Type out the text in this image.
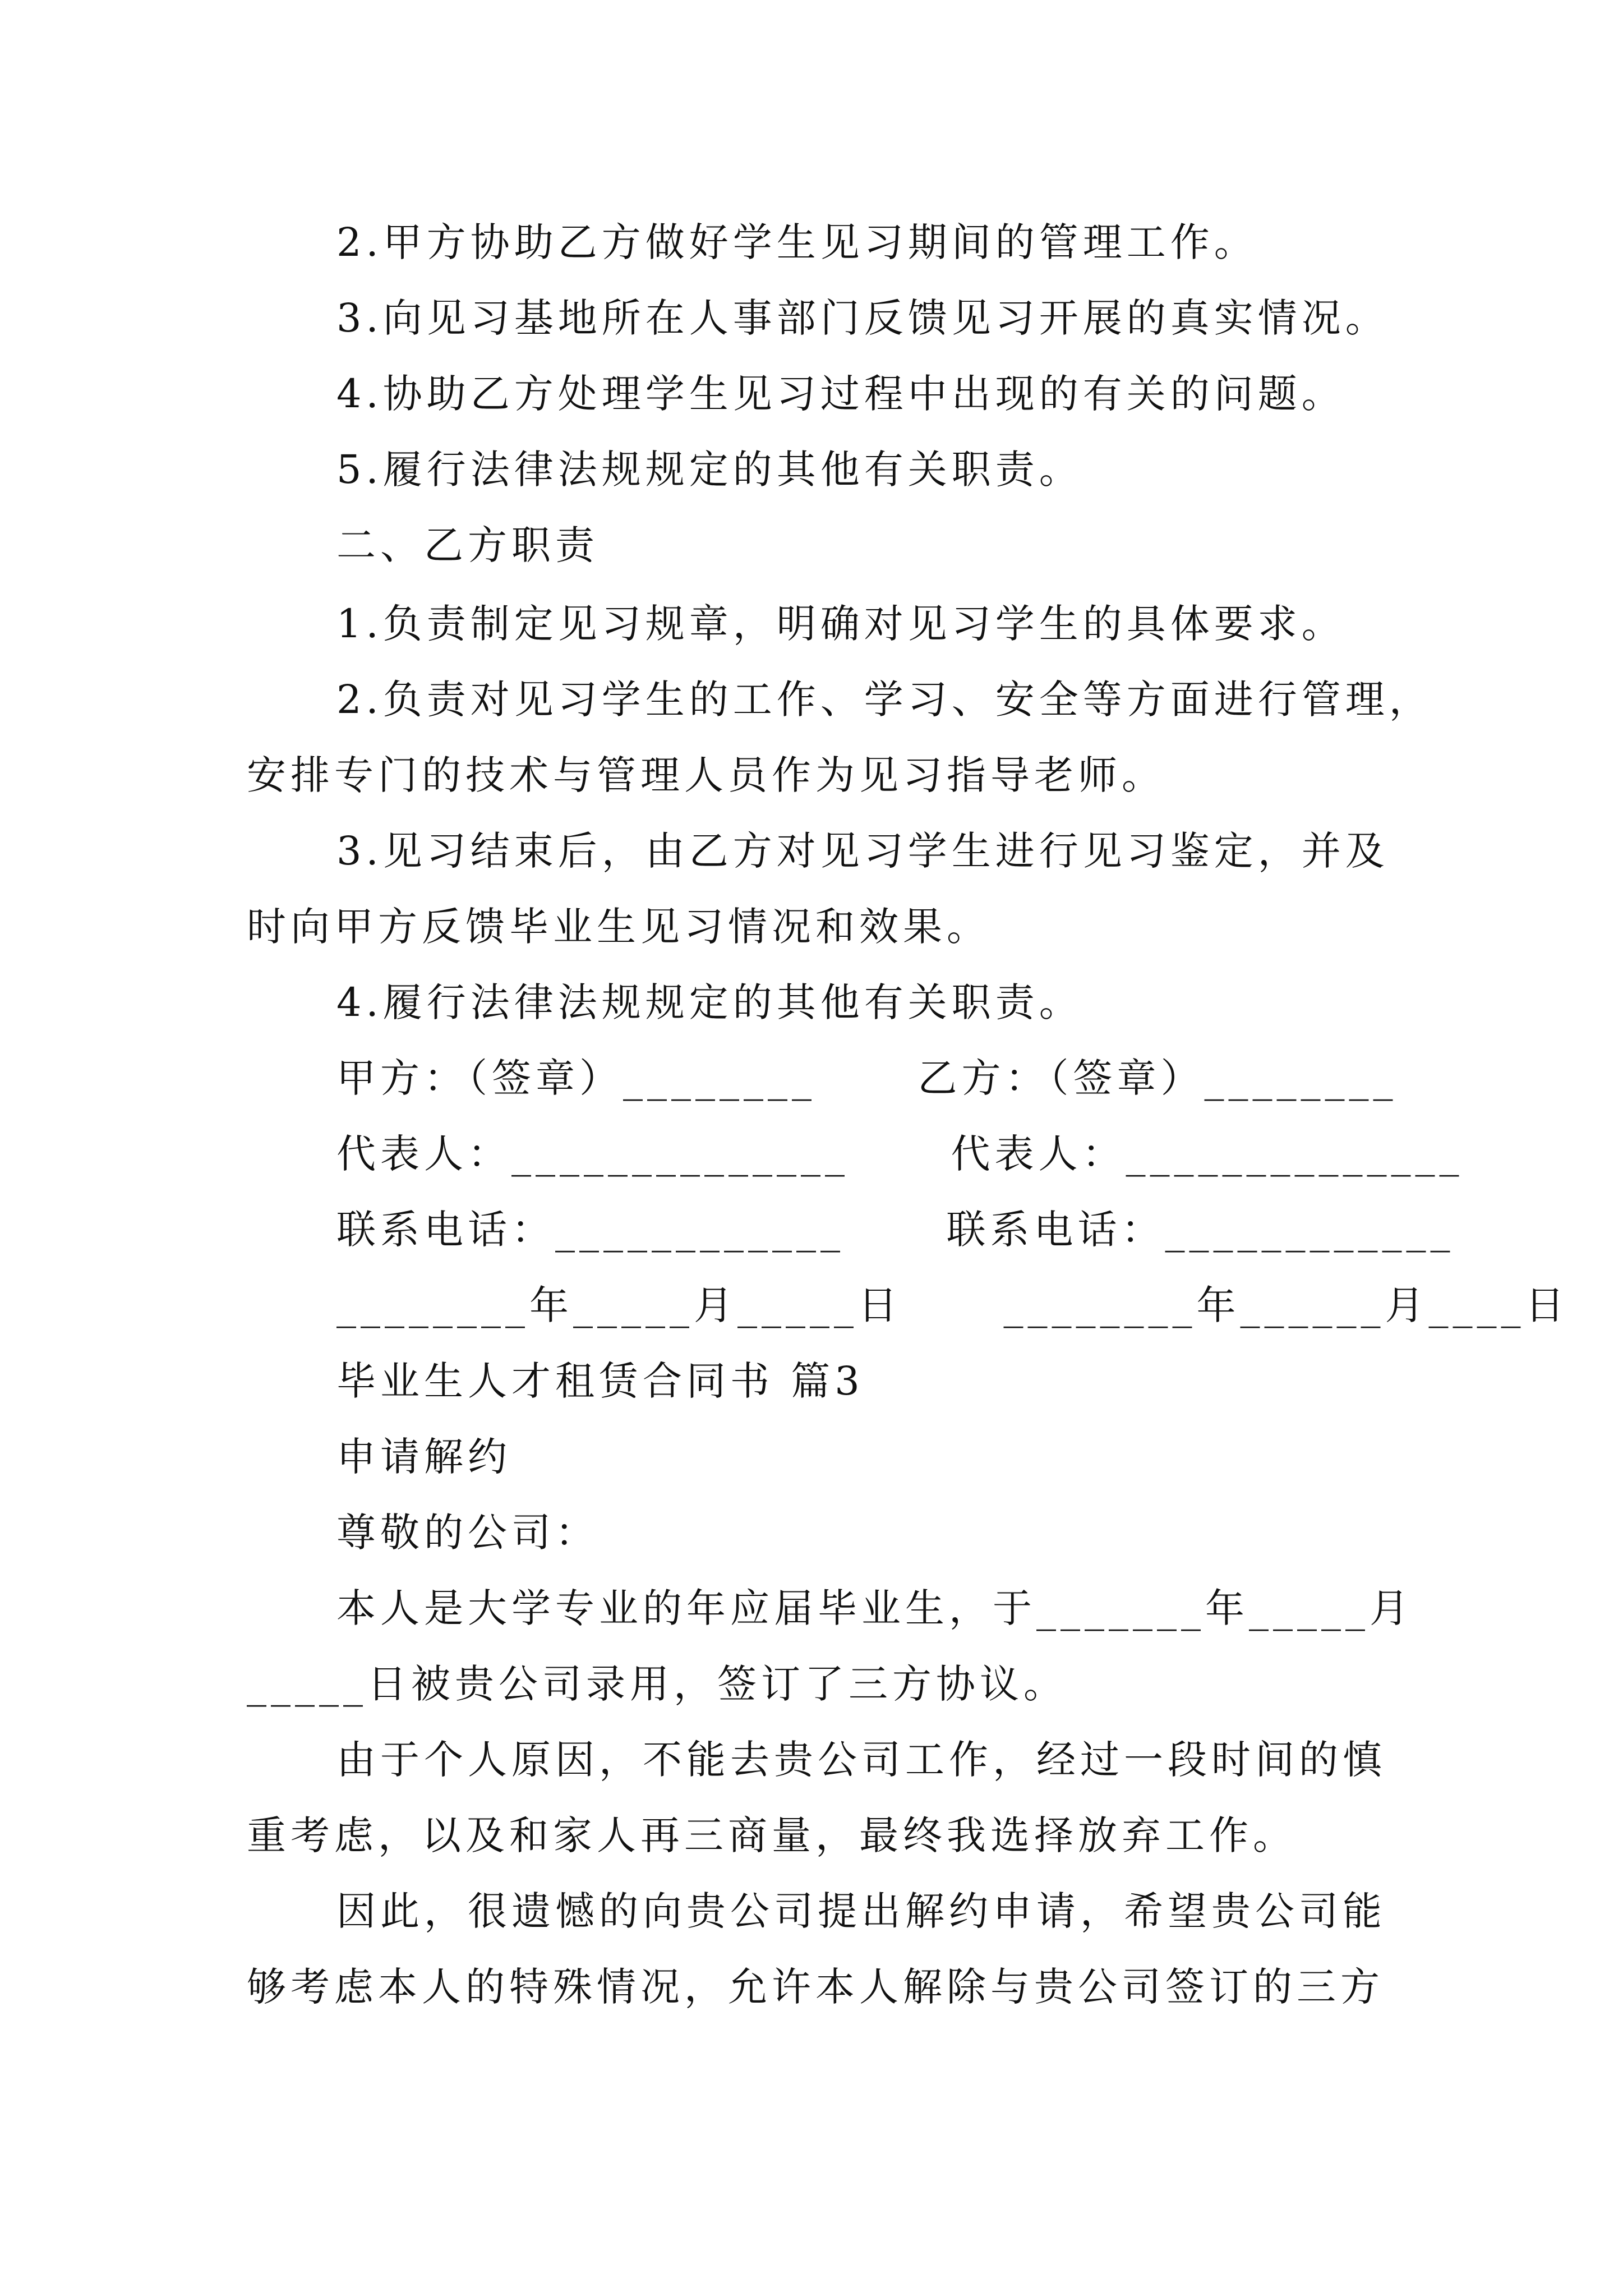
2.甲方协助乙方做好学生见习期间的管理工作。
3.向见习基地所在人事部门反馈见习开展的真实情况。
4.协助乙方处理学生见习过程中出现的有关的问题。
5.履行法律法规规定的其他有关职责。
二、乙方职责
1.负责制定见习规章，明确对见习学生的具体要求。
2.负责对见习学生的工作、学习、安全等方面进行管理，
安排专门的技术与管理人员作为见习指导老师。
3.见习结束后，由乙方对见习学生进行见习鉴定，并及
时向甲方反馈毕业生见习情况和效果。
4.履行法律法规规定的其他有关职责。
甲方：（签章）________      乙方：（签章）________
代表人：______________      代表人：______________
联系电话：____________      联系电话：____________
________年_____月_____日      ________年______月____日
毕业生人才租赁合同书 篇3
申请解约
尊敬的公司：
本人是大学专业的年应届毕业生，于_______年_____月
_____日被贵公司录用，签订了三方协议。
由于个人原因，不能去贵公司工作，经过一段时间的慎
重考虑，以及和家人再三商量，最终我选择放弃工作。
因此，很遗憾的向贵公司提出解约申请，希望贵公司能
够考虑本人的特殊情况，允许本人解除与贵公司签订的三方
